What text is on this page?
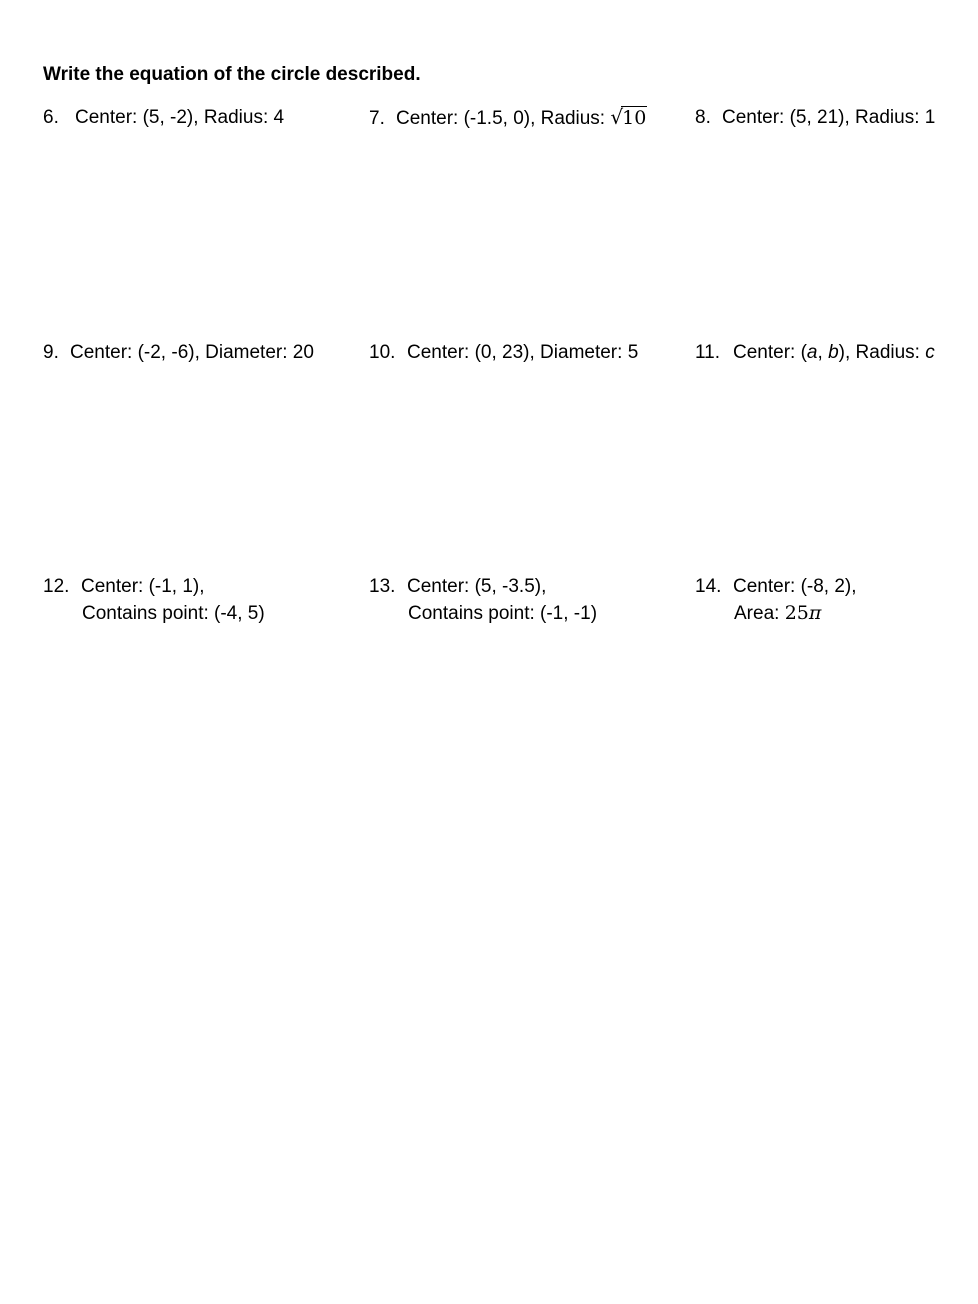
Write the equation of the circle described.
6. Center: (5, -2), Radius: 4	7. Center: (-1.5, 0), Radius: √10	8. Center: (5, 21), Radius: 1
9. Center: (-2, -6), Diameter: 20	10. Center: (0, 23), Diameter: 5	11. Center: (a, b), Radius: c
12. Center: (-1, 1),
Contains point: (-4, 5)
13. Center: (5, -3.5),
Contains point: (-1, -1)
14. Center: (-8, 2),
Area: 25π
